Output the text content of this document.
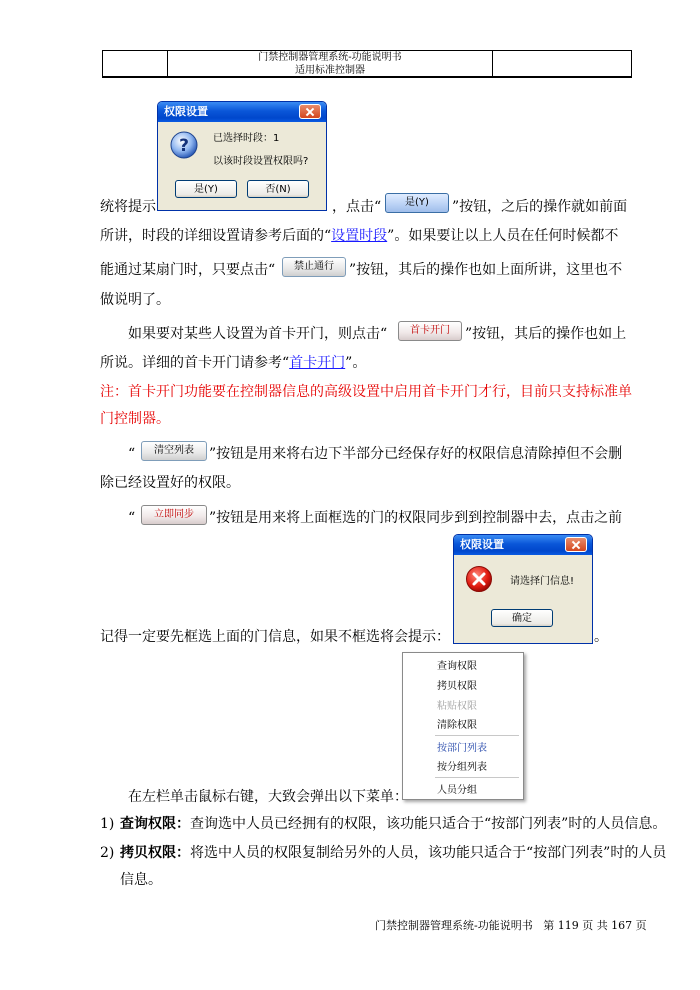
门禁控制器管理系统-功能说明书
适用标准控制器
权限设置
? 已选择时段：1
以该时段设置权限吗?
是(Y)	否(N)
统将提示	，点击“	是(Y)	”按钮，之后的操作就如前面
所讲，时段的详细设置请参考后面的“设置时段”。如果要让以上人员在任何时候都不
能通过某扇门时，只要点击“	禁止通行	”按钮，其后的操作也如上面所讲，这里也不
做说明了。
如果要对某些人设置为首卡开门，则点击“	首卡开门	”按钮，其后的操作也如上
所说。详细的首卡开门请参考“首卡开门”。
注：首卡开门功能要在控制器信息的高级设置中启用首卡开门才行，目前只支持标准单
门控制器。
“	清空列表	”按钮是用来将右边下半部分已经保存好的权限信息清除掉但不会删
除已经设置好的权限。
“	立即同步	”按钮是用来将上面框选的门的权限同步到到控制器中去，点击之前
权限设置
请选择门信息!
确定
记得一定要先框选上面的门信息，如果不框选将会提示：	。
查询权限
拷贝权限
粘贴权限
清除权限
按部门列表
按分组列表
人员分组
在左栏单击鼠标右键，大致会弹出以下菜单：
1) 查询权限：查询选中人员已经拥有的权限，该功能只适合于“按部门列表”时的人员信息。
2) 拷贝权限：将选中人员的权限复制给另外的人员，该功能只适合于“按部门列表”时的人员
信息。
门禁控制器管理系统-功能说明书   第 119 页 共 167 页
